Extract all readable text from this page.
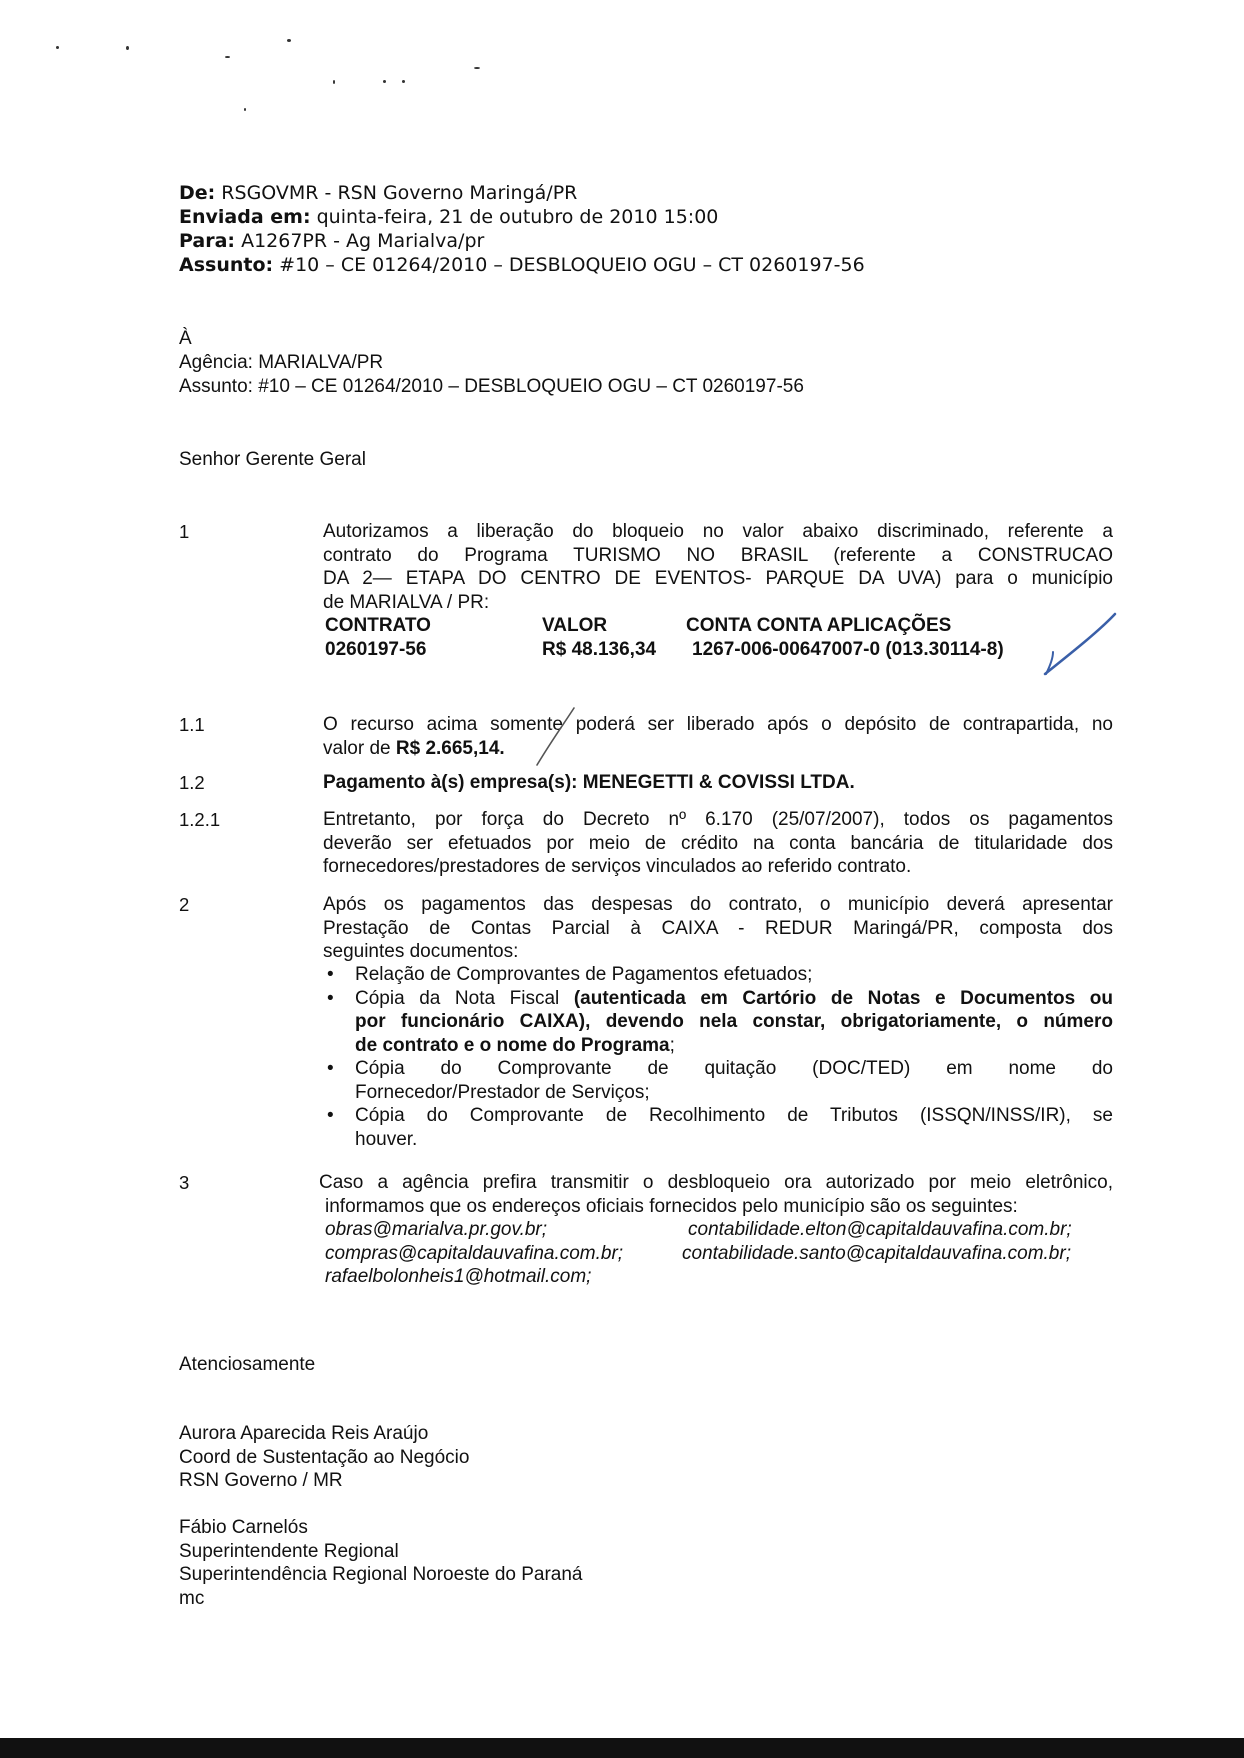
De: RSGOVMR - RSN Governo Maringá/PR
Enviada em: quinta-feira, 21 de outubro de 2010 15:00
Para: A1267PR - Ag Marialva/pr
Assunto: #10 – CE 01264/2010 – DESBLOQUEIO OGU – CT 0260197-56
À
Agência: MARIALVA/PR
Assunto: #10 – CE 01264/2010 – DESBLOQUEIO OGU – CT 0260197-56
Senhor Gerente Geral
1	Autorizamos a liberação do bloqueio no valor abaixo discriminado, referente a
contrato do Programa TURISMO NO BRASIL (referente a CONSTRUCAO
DA 2— ETAPA DO CENTRO DE EVENTOS- PARQUE DA UVA) para o município
de MARIALVA / PR:
CONTRATO	VALOR	CONTA CONTA APLICAÇÕES
0260197-56	R$ 48.136,34 1267-006-00647007-0 (013.30114-8)
1.1	O recurso acima somente poderá ser liberado após o depósito de contrapartida, no
valor de R$ 2.665,14.
1.2	Pagamento à(s) empresa(s): MENEGETTI & COVISSI LTDA.
1.2.1	Entretanto, por força do Decreto nº 6.170 (25/07/2007), todos os pagamentos
deverão ser efetuados por meio de crédito na conta bancária de titularidade dos
fornecedores/prestadores de serviços vinculados ao referido contrato.
2	Após os pagamentos das despesas do contrato, o município deverá apresentar
Prestação de Contas Parcial à CAIXA - REDUR Maringá/PR, composta dos
seguintes documentos:
• Relação de Comprovantes de Pagamentos efetuados;
• Cópia da Nota Fiscal (autenticada em Cartório de Notas e Documentos ou
por funcionário CAIXA), devendo nela constar, obrigatoriamente, o número
de contrato e o nome do Programa;
• Cópia do Comprovante de quitação (DOC/TED) em nome do
Fornecedor/Prestador de Serviços;
• Cópia do Comprovante de Recolhimento de Tributos (ISSQN/INSS/IR), se
houver.
3	Caso a agência prefira transmitir o desbloqueio ora autorizado por meio eletrônico,
informamos que os endereços oficiais fornecidos pelo município são os seguintes:
obras@marialva.pr.gov.br;	contabilidade.elton@capitaldauvafina.com.br;
compras@capitaldauvafina.com.br;	contabilidade.santo@capitaldauvafina.com.br;
rafaelbolonheis1@hotmail.com;
Atenciosamente
Aurora Aparecida Reis Araújo
Coord de Sustentação ao Negócio
RSN Governo / MR
Fábio Carnelós
Superintendente Regional
Superintendência Regional Noroeste do Paraná
mc
